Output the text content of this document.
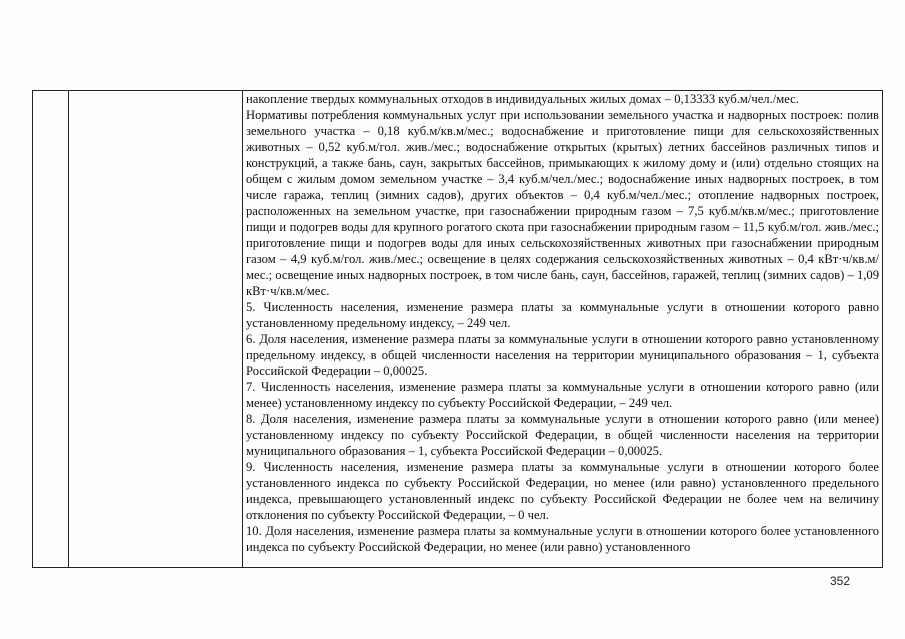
накопление твердых коммунальных отходов в индивидуальных жилых домах – 0,13333 куб.м/чел./мес.

Нормативы потребления коммунальных услуг при использовании земельного участка и надворных построек: полив земельного участка – 0,18 куб.м/кв.м/мес.; водоснабжение и приготовление пищи для сельскохозяйственных животных – 0,52 куб.м/гол. жив./мес.; водоснабжение открытых (крытых) летних бассейнов различных типов и конструкций, а также бань, саун, закрытых бассейнов, примыкающих к жилому дому и (или) отдельно стоящих на общем с жилым домом земельном участке – 3,4 куб.м/чел./мес.; водоснабжение иных надворных построек, в том числе гаража, теплиц (зимних садов), других объектов – 0,4 куб.м/чел./мес.; отопление надворных построек, расположенных на земельном участке, при газоснабжении природным газом – 7,5 куб.м/кв.м/мес.; приготовление пищи и подогрев воды для крупного рогатого скота при газоснабжении природным газом – 11,5 куб.м/гол. жив./мес.; приготовление пищи и подогрев воды для иных сельскохозяйственных животных при газоснабжении природным газом – 4,9 куб.м/гол. жив./мес.; освещение в целях содержания сельскохозяйственных животных – 0,4 кВт·ч/кв.м/мес.; освещение иных надворных построек, в том числе бань, саун, бассейнов, гаражей, теплиц (зимних садов) – 1,09 кВт·ч/кв.м/мес.

5. Численность населения, изменение размера платы за коммунальные услуги в отношении которого равно установленному предельному индексу, – 249 чел.

6. Доля населения, изменение размера платы за коммунальные услуги в отношении которого равно установленному предельному индексу, в общей численности населения на территории муниципального образования – 1, субъекта Российской Федерации – 0,00025.

7. Численность населения, изменение размера платы за коммунальные услуги в отношении которого равно (или менее) установленному индексу по субъекту Российской Федерации, – 249 чел.

8. Доля населения, изменение размера платы за коммунальные услуги в отношении которого равно (или менее) установленному индексу по субъекту Российской Федерации, в общей численности населения на территории муниципального образования – 1, субъекта Российской Федерации – 0,00025.

9. Численность населения, изменение размера платы за коммунальные услуги в отношении которого более установленного индекса по субъекту Российской Федерации, но менее (или равно) установленного предельного индекса, превышающего установленный индекс по субъекту Российской Федерации не более чем на величину отклонения по субъекту Российской Федерации, – 0 чел.

10. Доля населения, изменение размера платы за коммунальные услуги в отношении которого более установленного индекса по субъекту Российской Федерации, но менее (или равно) установленного

352
